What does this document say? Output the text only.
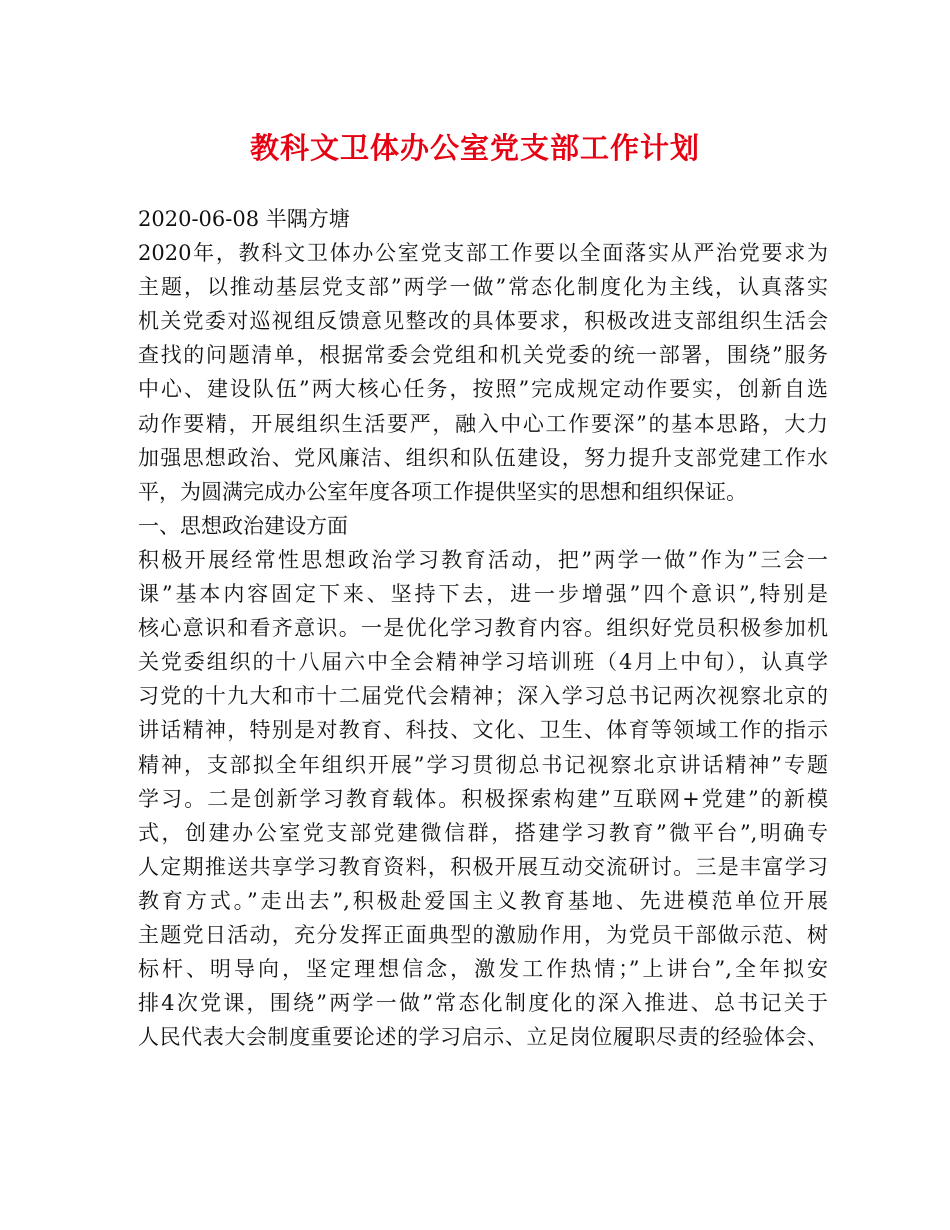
教科文卫体办公室党支部工作计划
2020-06-08 半隅方塘
2020年，教科文卫体办公室党支部工作要以全面落实从严治党要求为
主题，以推动基层党支部”两学一做”常态化制度化为主线，认真落实
机关党委对巡视组反馈意见整改的具体要求，积极改进支部组织生活会
查找的问题清单，根据常委会党组和机关党委的统一部署，围绕”服务
中心、建设队伍”两大核心任务，按照”完成规定动作要实，创新自选
动作要精，开展组织生活要严，融入中心工作要深”的基本思路，大力
加强思想政治、党风廉洁、组织和队伍建设，努力提升支部党建工作水
平，为圆满完成办公室年度各项工作提供坚实的思想和组织保证。
一、思想政治建设方面
积极开展经常性思想政治学习教育活动，把”两学一做”作为”三会一
课”基本内容固定下来、坚持下去，进一步增强”四个意识”,特别是
核心意识和看齐意识。一是优化学习教育内容。组织好党员积极参加机
关党委组织的十八届六中全会精神学习培训班（4月上中旬），认真学
习党的十九大和市十二届党代会精神；深入学习总书记两次视察北京的
讲话精神，特别是对教育、科技、文化、卫生、体育等领域工作的指示
精神，支部拟全年组织开展”学习贯彻总书记视察北京讲话精神”专题
学习。二是创新学习教育载体。积极探索构建”互联网+党建”的新模
式，创建办公室党支部党建微信群，搭建学习教育”微平台”,明确专
人定期推送共享学习教育资料，积极开展互动交流研讨。三是丰富学习
教育方式。”走出去”,积极赴爱国主义教育基地、先进模范单位开展
主题党日活动，充分发挥正面典型的激励作用，为党员干部做示范、树
标杆、明导向，坚定理想信念，激发工作热情；”上讲台”,全年拟安
排4次党课，围绕”两学一做”常态化制度化的深入推进、总书记关于
人民代表大会制度重要论述的学习启示、立足岗位履职尽责的经验体会、
